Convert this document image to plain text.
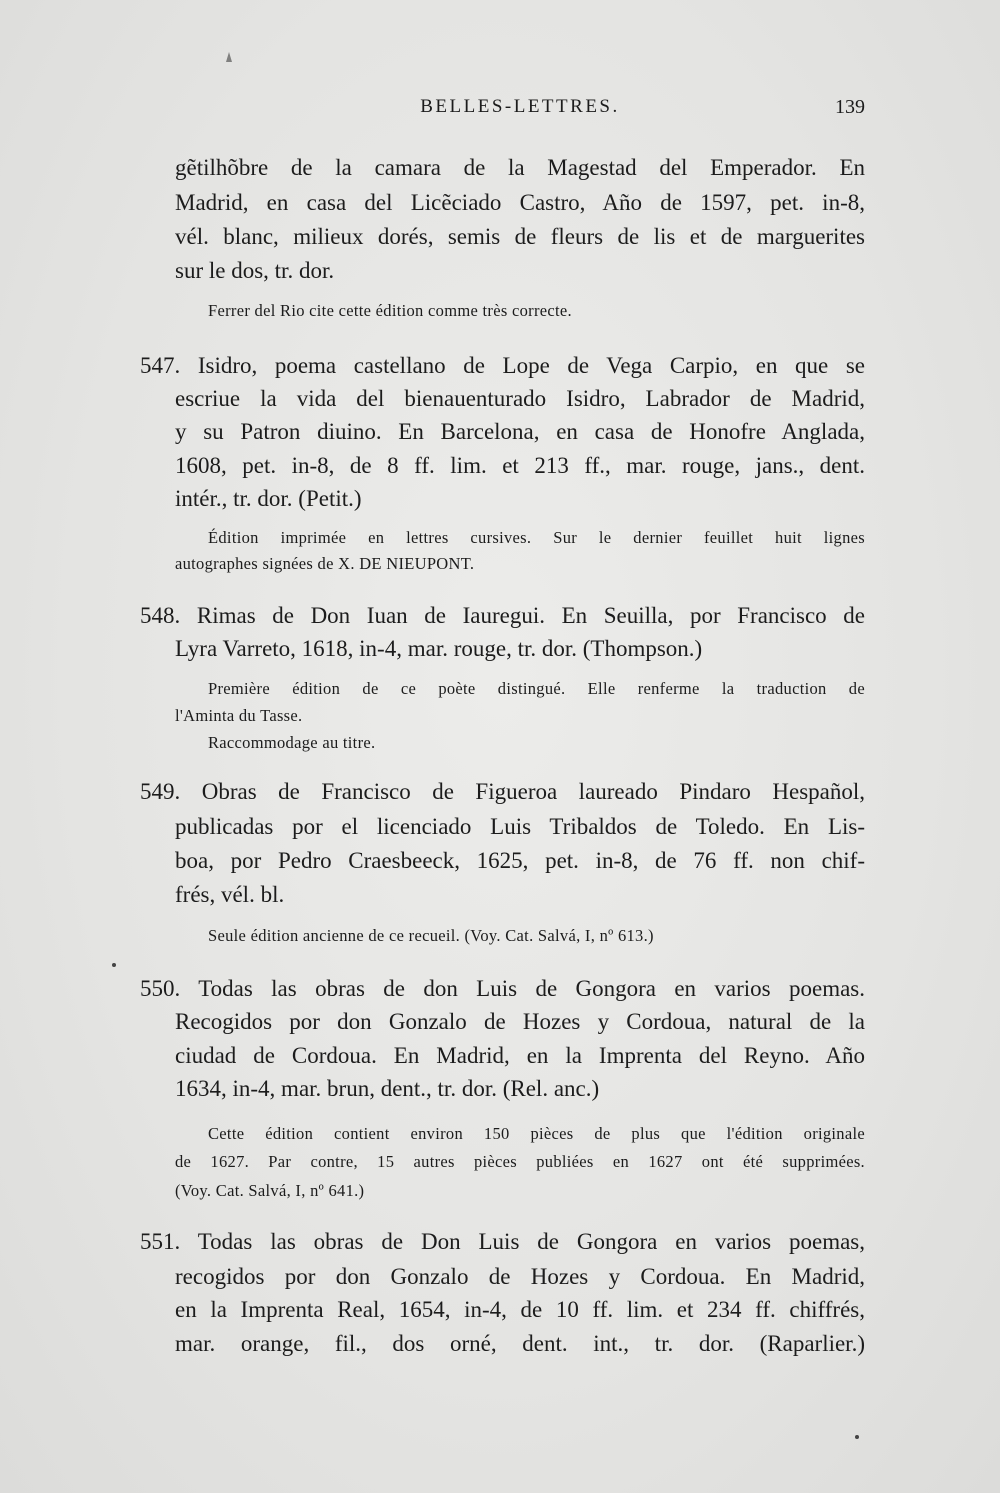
BELLES-LETTRES.	139
gẽtilhõbre de la camara de la Magestad del Emperador. En
Madrid, en casa del Licẽciado Castro, Año de 1597, pet. in-8,
vél. blanc, milieux dorés, semis de fleurs de lis et de marguerites
sur le dos, tr. dor.
Ferrer del Rio cite cette édition comme très correcte.
547. Isidro, poema castellano de Lope de Vega Carpio, en que se
escriue la vida del bienauenturado Isidro, Labrador de Madrid,
y su Patron diuino. En Barcelona, en casa de Honofre Anglada,
1608, pet. in-8, de 8 ff. lim. et 213 ff., mar. rouge, jans., dent.
intér., tr. dor. (Petit.)
Édition imprimée en lettres cursives. Sur le dernier feuillet huit lignes
autographes signées de X. DE NIEUPONT.
548. Rimas de Don Iuan de Iauregui. En Seuilla, por Francisco de
Lyra Varreto, 1618, in-4, mar. rouge, tr. dor. (Thompson.)
Première édition de ce poète distingué. Elle renferme la traduction de
l'Aminta du Tasse.
Raccommodage au titre.
549. Obras de Francisco de Figueroa laureado Pindaro Hespañol,
publicadas por el licenciado Luis Tribaldos de Toledo. En Lis-
boa, por Pedro Craesbeeck, 1625, pet. in-8, de 76 ff. non chif-
frés, vél. bl.
Seule édition ancienne de ce recueil. (Voy. Cat. Salvá, I, nº 613.)
550. Todas las obras de don Luis de Gongora en varios poemas.
Recogidos por don Gonzalo de Hozes y Cordoua, natural de la
ciudad de Cordoua. En Madrid, en la Imprenta del Reyno. Año
1634, in-4, mar. brun, dent., tr. dor. (Rel. anc.)
Cette édition contient environ 150 pièces de plus que l'édition originale
de 1627. Par contre, 15 autres pièces publiées en 1627 ont été supprimées.
(Voy. Cat. Salvá, I, nº 641.)
551. Todas las obras de Don Luis de Gongora en varios poemas,
recogidos por don Gonzalo de Hozes y Cordoua. En Madrid,
en la Imprenta Real, 1654, in-4, de 10 ff. lim. et 234 ff. chiffrés,
mar. orange, fil., dos orné, dent. int., tr. dor. (Raparlier.)
